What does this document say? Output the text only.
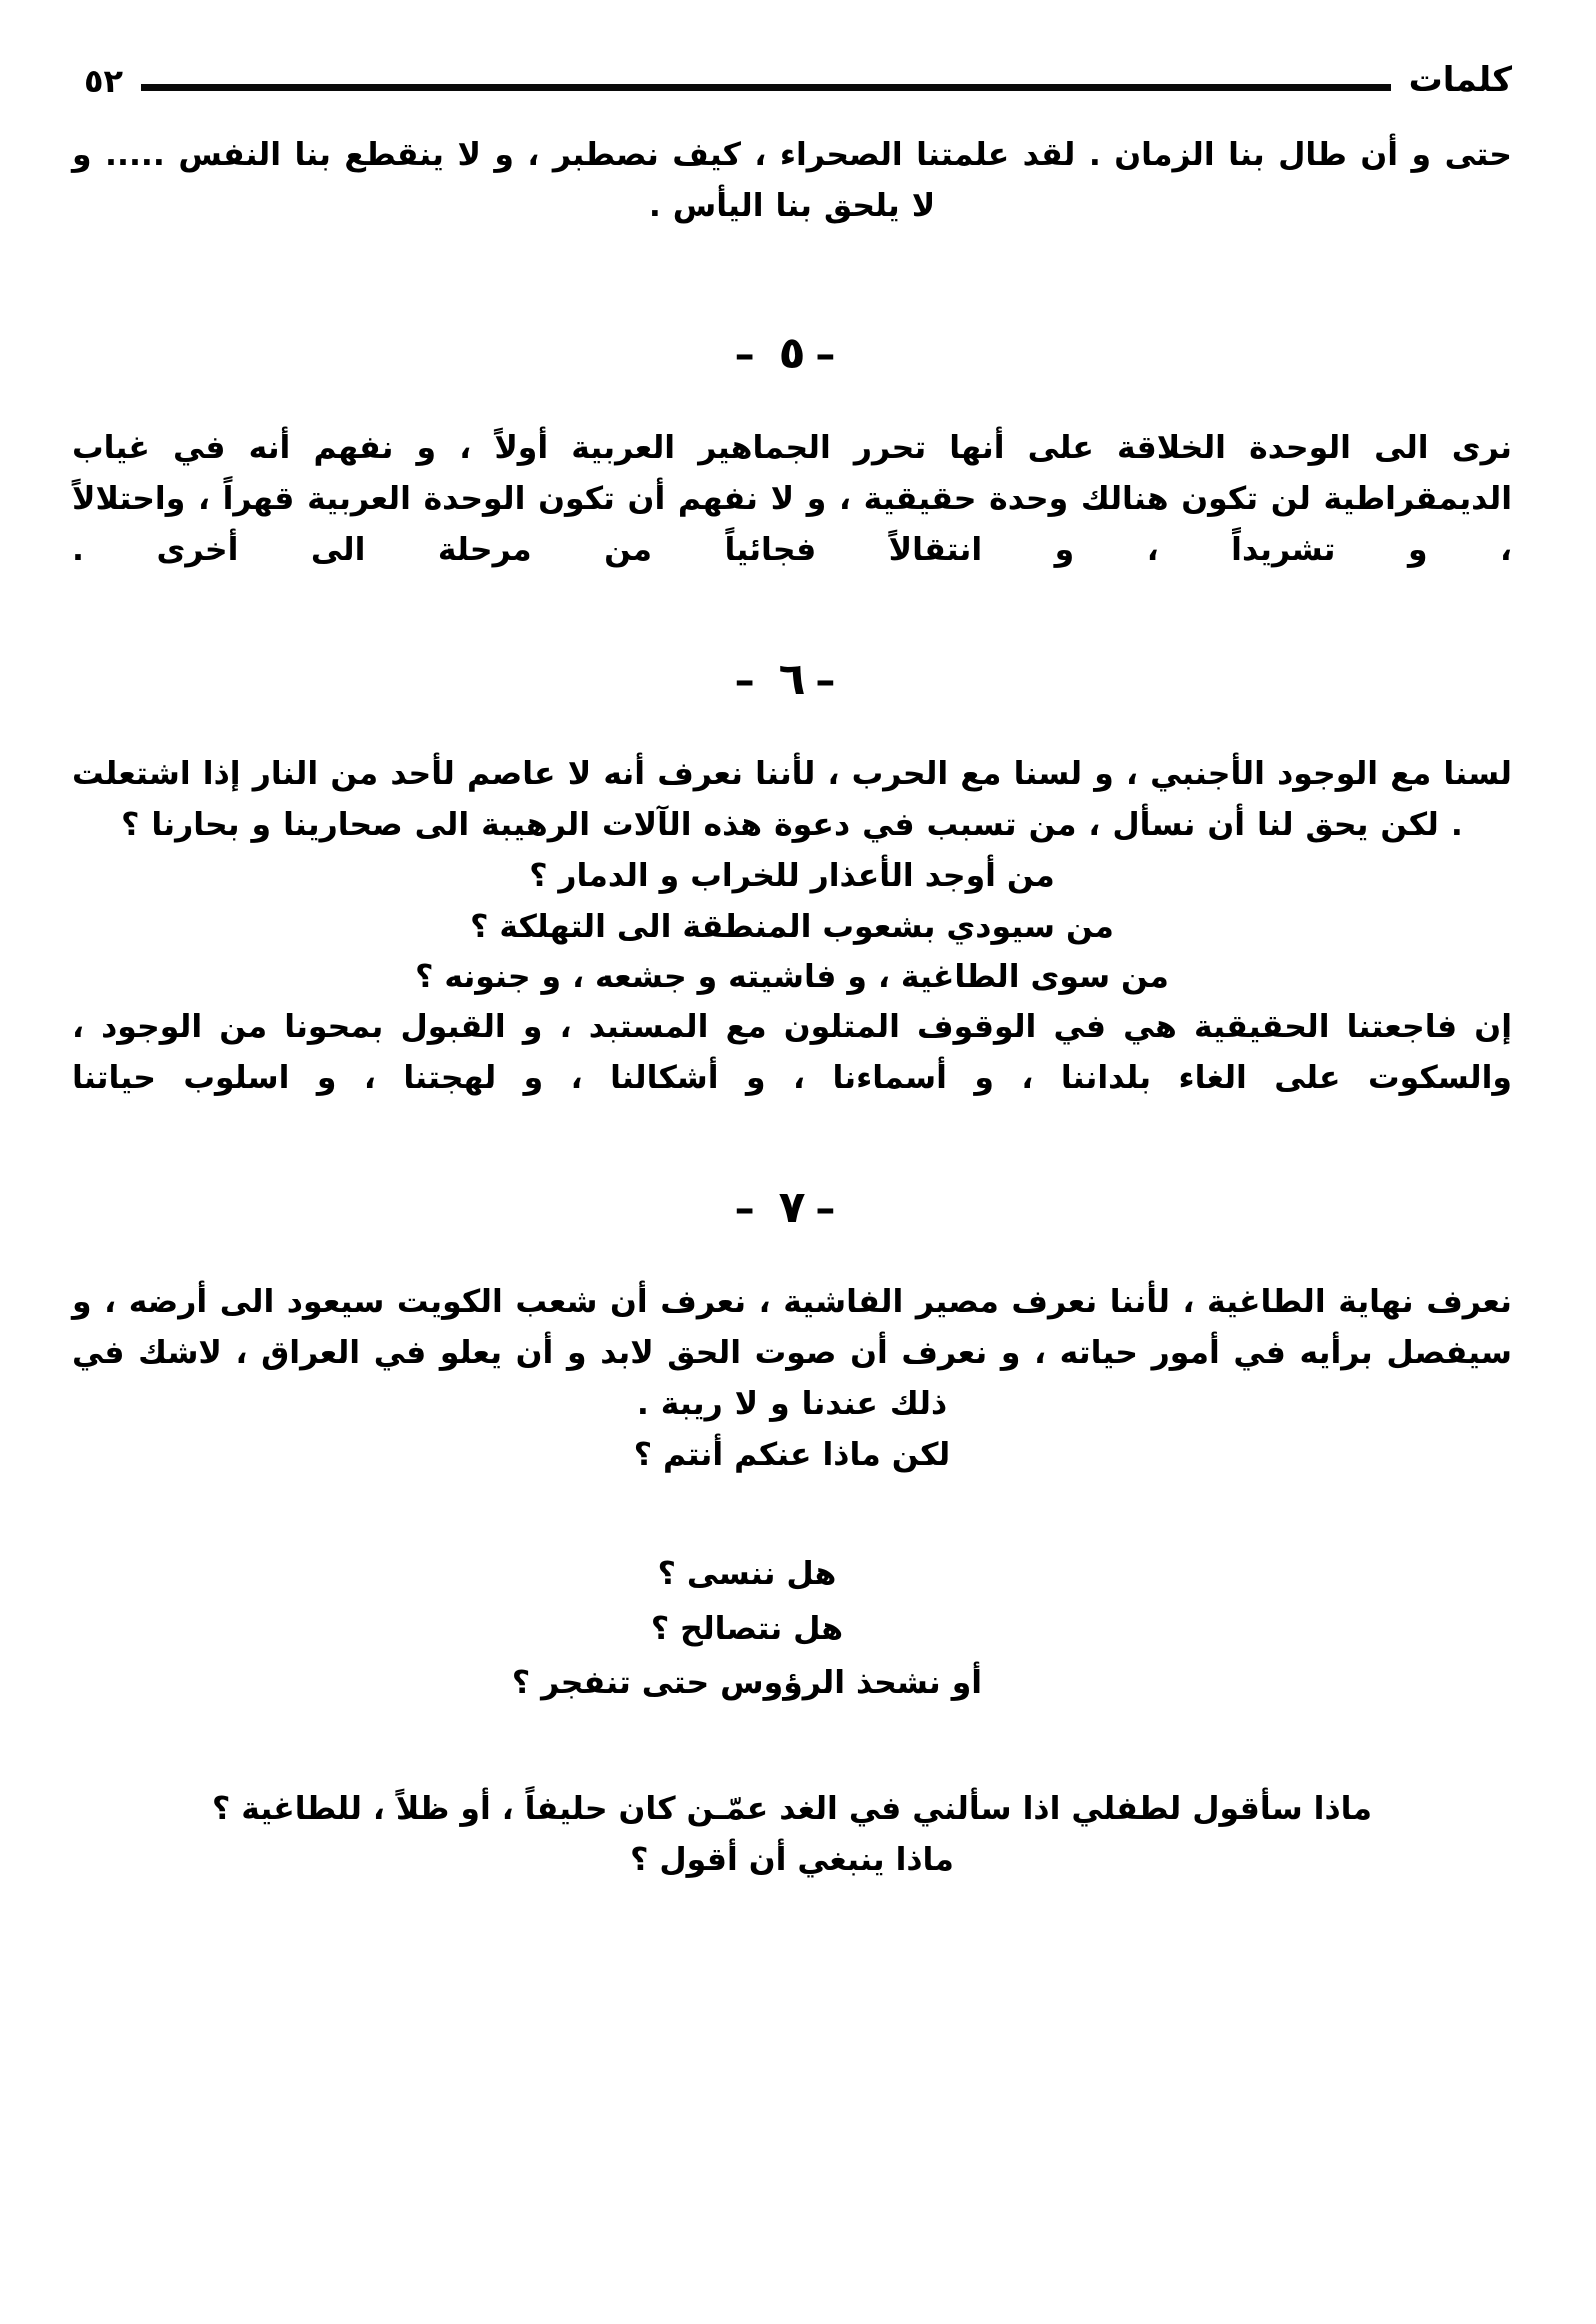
كلمات
٥٢

حتى و أن طال بنا الزمان . لقد علمتنا الصحراء ، كيف نصطبر ، و لا ينقطع بنا النفس ..... و لا يلحق بنا اليأس .

– ٥ –

نرى الى الوحدة الخلاقة على أنها تحرر الجماهير العربية أولاً ، و نفهم أنه في غياب الديمقراطية لن تكون هنالك وحدة حقيقية ، و لا نفهم أن تكون الوحدة العربية قهراً ، واحتلالاً ، و تشريداً ، و انتقالاً فجائياً من مرحلة الى أخرى .

– ٦ –

لسنا مع الوجود الأجنبي ، و لسنا مع الحرب ، لأننا نعرف أنه لا عاصم لأحد من النار إذا اشتعلت . لكن يحق لنا أن نسأل ، من تسبب في دعوة هذه الآلات الرهيبة الى صحارينا و بحارنا ؟

من أوجد الأعذار للخراب و الدمار ؟

من سيودي بشعوب المنطقة الى التهلكة ؟

من سوى الطاغية ، و فاشيته و جشعه ، و جنونه ؟

إن فاجعتنا الحقيقية هي في الوقوف المتلون مع المستبد ، و القبول بمحونا من الوجود ، والسكوت على الغاء بلداننا ، و أسماءنا ، و أشكالنا ، و لهجتنا ، و اسلوب حياتنا

– ٧ –

نعرف نهاية الطاغية ، لأننا نعرف مصير الفاشية ، نعرف أن شعب الكويت سيعود الى أرضه ، و سيفصل برأيه في أمور حياته ، و نعرف أن صوت الحق لابد و أن يعلو في العراق ، لاشك في ذلك عندنا و لا ريبة .

لكن ماذا عنكم أنتم ؟

هل ننسى ؟

هل نتصالح ؟

أو نشحذ الرؤوس حتى تنفجر ؟

ماذا سأقول لطفلي اذا سألني في الغد عمّـن كان حليفاً ، أو ظلاً ، للطاغية ؟

ماذا ينبغي أن أقول ؟
